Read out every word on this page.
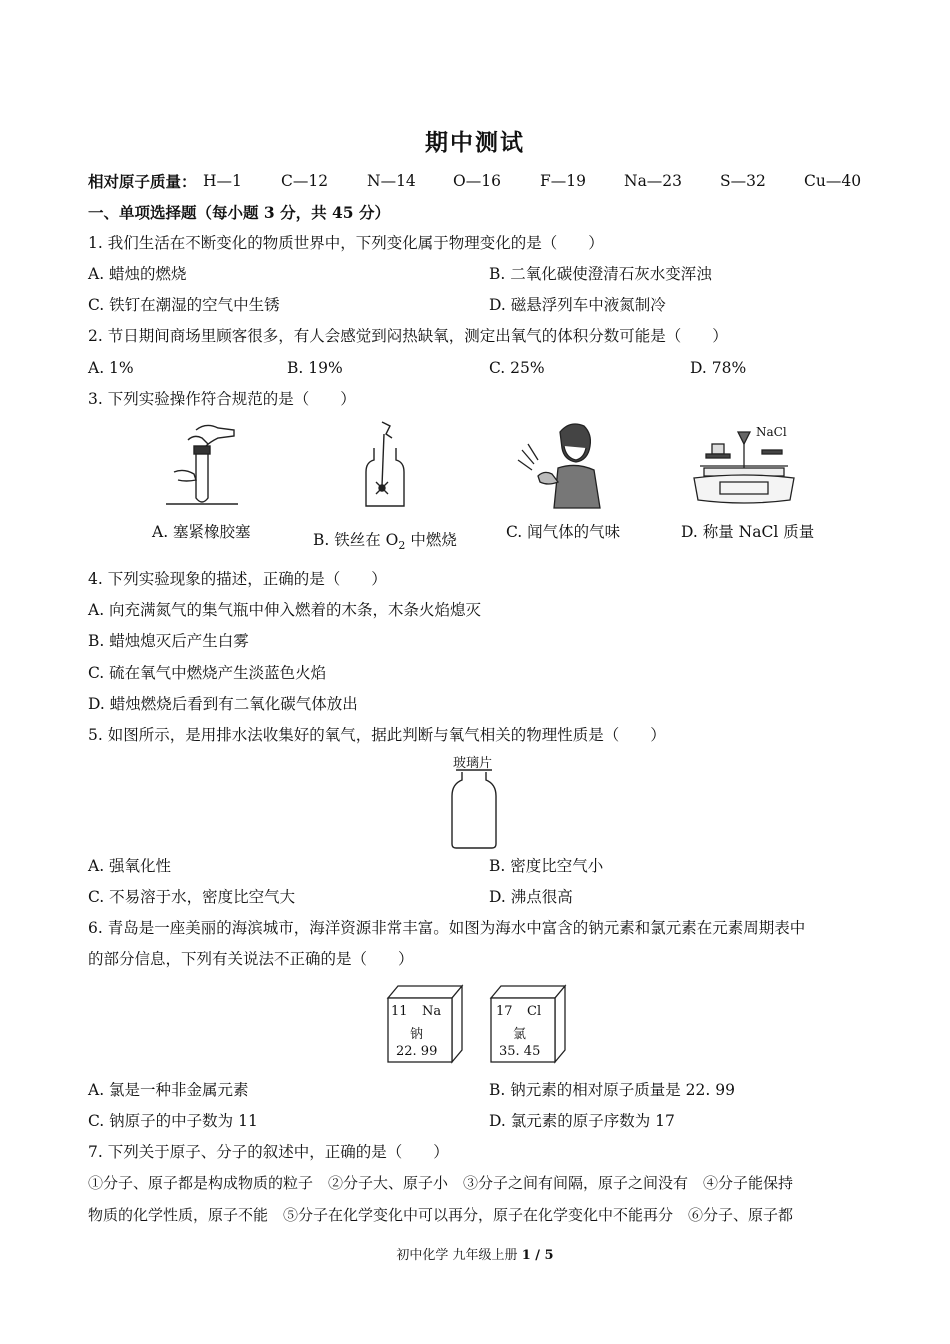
期中测试
相对原子质量： H—1	C—12	N—14 O—16	F—19 Na—23 S—32 Cu—40
一、单项选择题（每小题 3 分，共 45 分）
1. 我们生活在不断变化的物质世界中，下列变化属于物理变化的是（　　）
A. 蜡烛的燃烧	B. 二氧化碳使澄清石灰水变浑浊
C. 铁钉在潮湿的空气中生锈	D. 磁悬浮列车中液氮制冷
2. 节日期间商场里顾客很多，有人会感觉到闷热缺氧，测定出氧气的体积分数可能是（　　）
A. 1%	B. 19%	C. 25%	D. 78%
3. 下列实验操作符合规范的是（　　）
A. 塞紧橡胶塞	B. 铁丝在 $O_2$ 中燃烧	C. 闻气体的气味
NaCl
D. 称量 NaCl 质量
4. 下列实验现象的描述，正确的是（　　）
A. 向充满氮气的集气瓶中伸入燃着的木条，木条火焰熄灭
B. 蜡烛熄灭后产生白雾
C. 硫在氧气中燃烧产生淡蓝色火焰
D. 蜡烛燃烧后看到有二氧化碳气体放出
5. 如图所示，是用排水法收集好的氧气，据此判断与氧气相关的物理性质是（　　）
玻璃片
A. 强氧化性	B. 密度比空气小
C. 不易溶于水，密度比空气大	D. 沸点很高
6. 青岛是一座美丽的海滨城市，海洋资源非常丰富。如图为海水中富含的钠元素和氯元素在元素周期表中
的部分信息，下列有关说法不正确的是（　　）
11 Na
钠
22. 99
17 Cl
氯
35. 45
A. 氯是一种非金属元素	B. 钠元素的相对原子质量是 22. 99
C. 钠原子的中子数为 11	D. 氯元素的原子序数为 17
7. 下列关于原子、分子的叙述中，正确的是（　　）
①分子、原子都是构成物质的粒子　②分子大、原子小　③分子之间有间隔，原子之间没有　④分子能保持
物质的化学性质，原子不能　⑤分子在化学变化中可以再分，原子在化学变化中不能再分　⑥分子、原子都
初中化学 九年级上册 1 / 5
